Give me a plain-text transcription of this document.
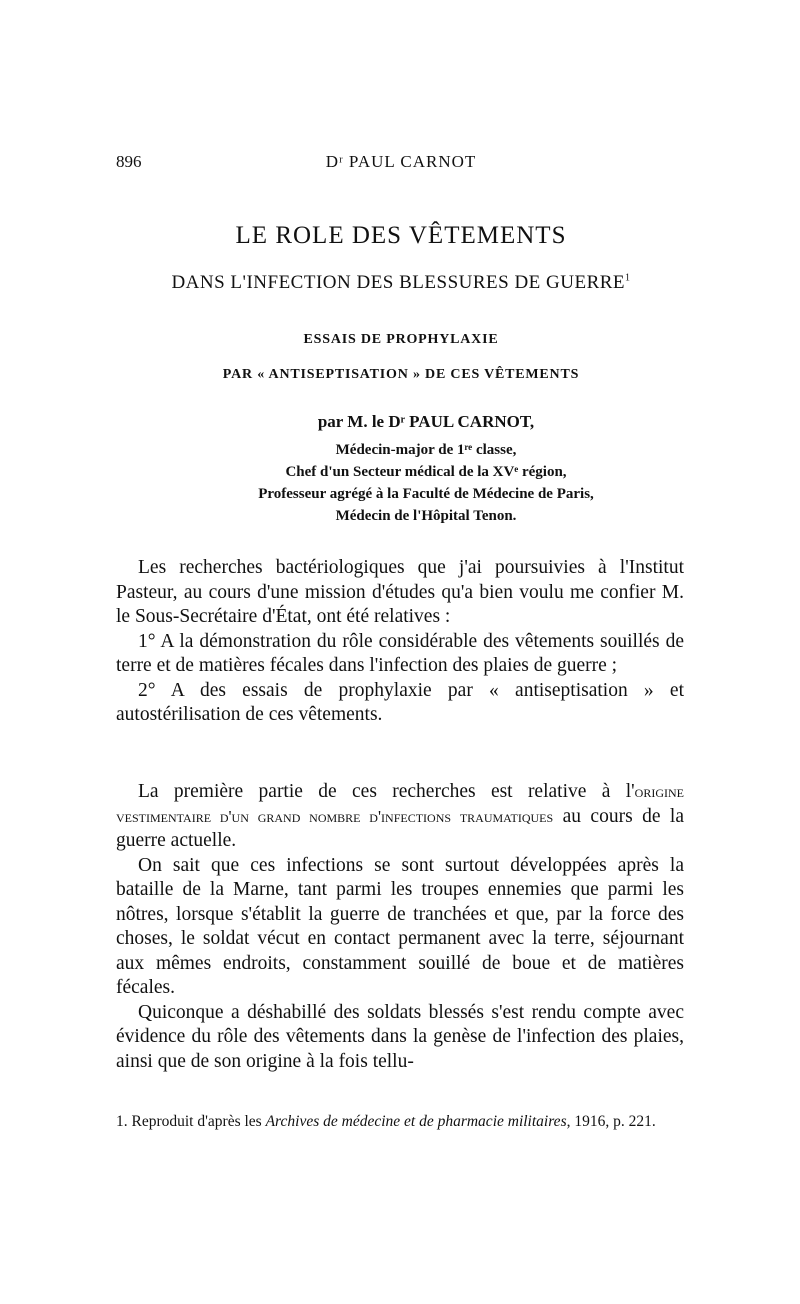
896	Dʳ PAUL CARNOT
LE ROLE DES VÊTEMENTS
DANS L'INFECTION DES BLESSURES DE GUERRE$^1$
ESSAIS DE PROPHYLAXIE
PAR « ANTISEPTISATION » DE CES VÊTEMENTS
par M. le Dʳ PAUL CARNOT,
Médecin-major de 1ʳᵉ classe,
Chef d'un Secteur médical de la XVᵉ région,
Professeur agrégé à la Faculté de Médecine de Paris,
Médecin de l'Hôpital Tenon.

Les recherches bactériologiques que j'ai poursuivies à l'Institut Pasteur, au cours d'une mission d'études qu'a bien voulu me confier M. le Sous-Secrétaire d'État, ont été relatives :

1° A la démonstration du rôle considérable des vêtements souillés de terre et de matières fécales dans l'infection des plaies de guerre ;

2° A des essais de prophylaxie par « antiseptisation » et autostérilisation de ces vêtements.

La première partie de ces recherches est relative à l'origine vestimentaire d'un grand nombre d'infections traumatiques au cours de la guerre actuelle.

On sait que ces infections se sont surtout développées après la bataille de la Marne, tant parmi les troupes ennemies que parmi les nôtres, lorsque s'établit la guerre de tranchées et que, par la force des choses, le soldat vécut en contact permanent avec la terre, séjournant aux mêmes endroits, constamment souillé de boue et de matières fécales.

Quiconque a déshabillé des soldats blessés s'est rendu compte avec évidence du rôle des vêtements dans la genèse de l'infection des plaies, ainsi que de son origine à la fois tellu-

1. Reproduit d'après les Archives de médecine et de pharmacie militaires, 1916, p. 221.
